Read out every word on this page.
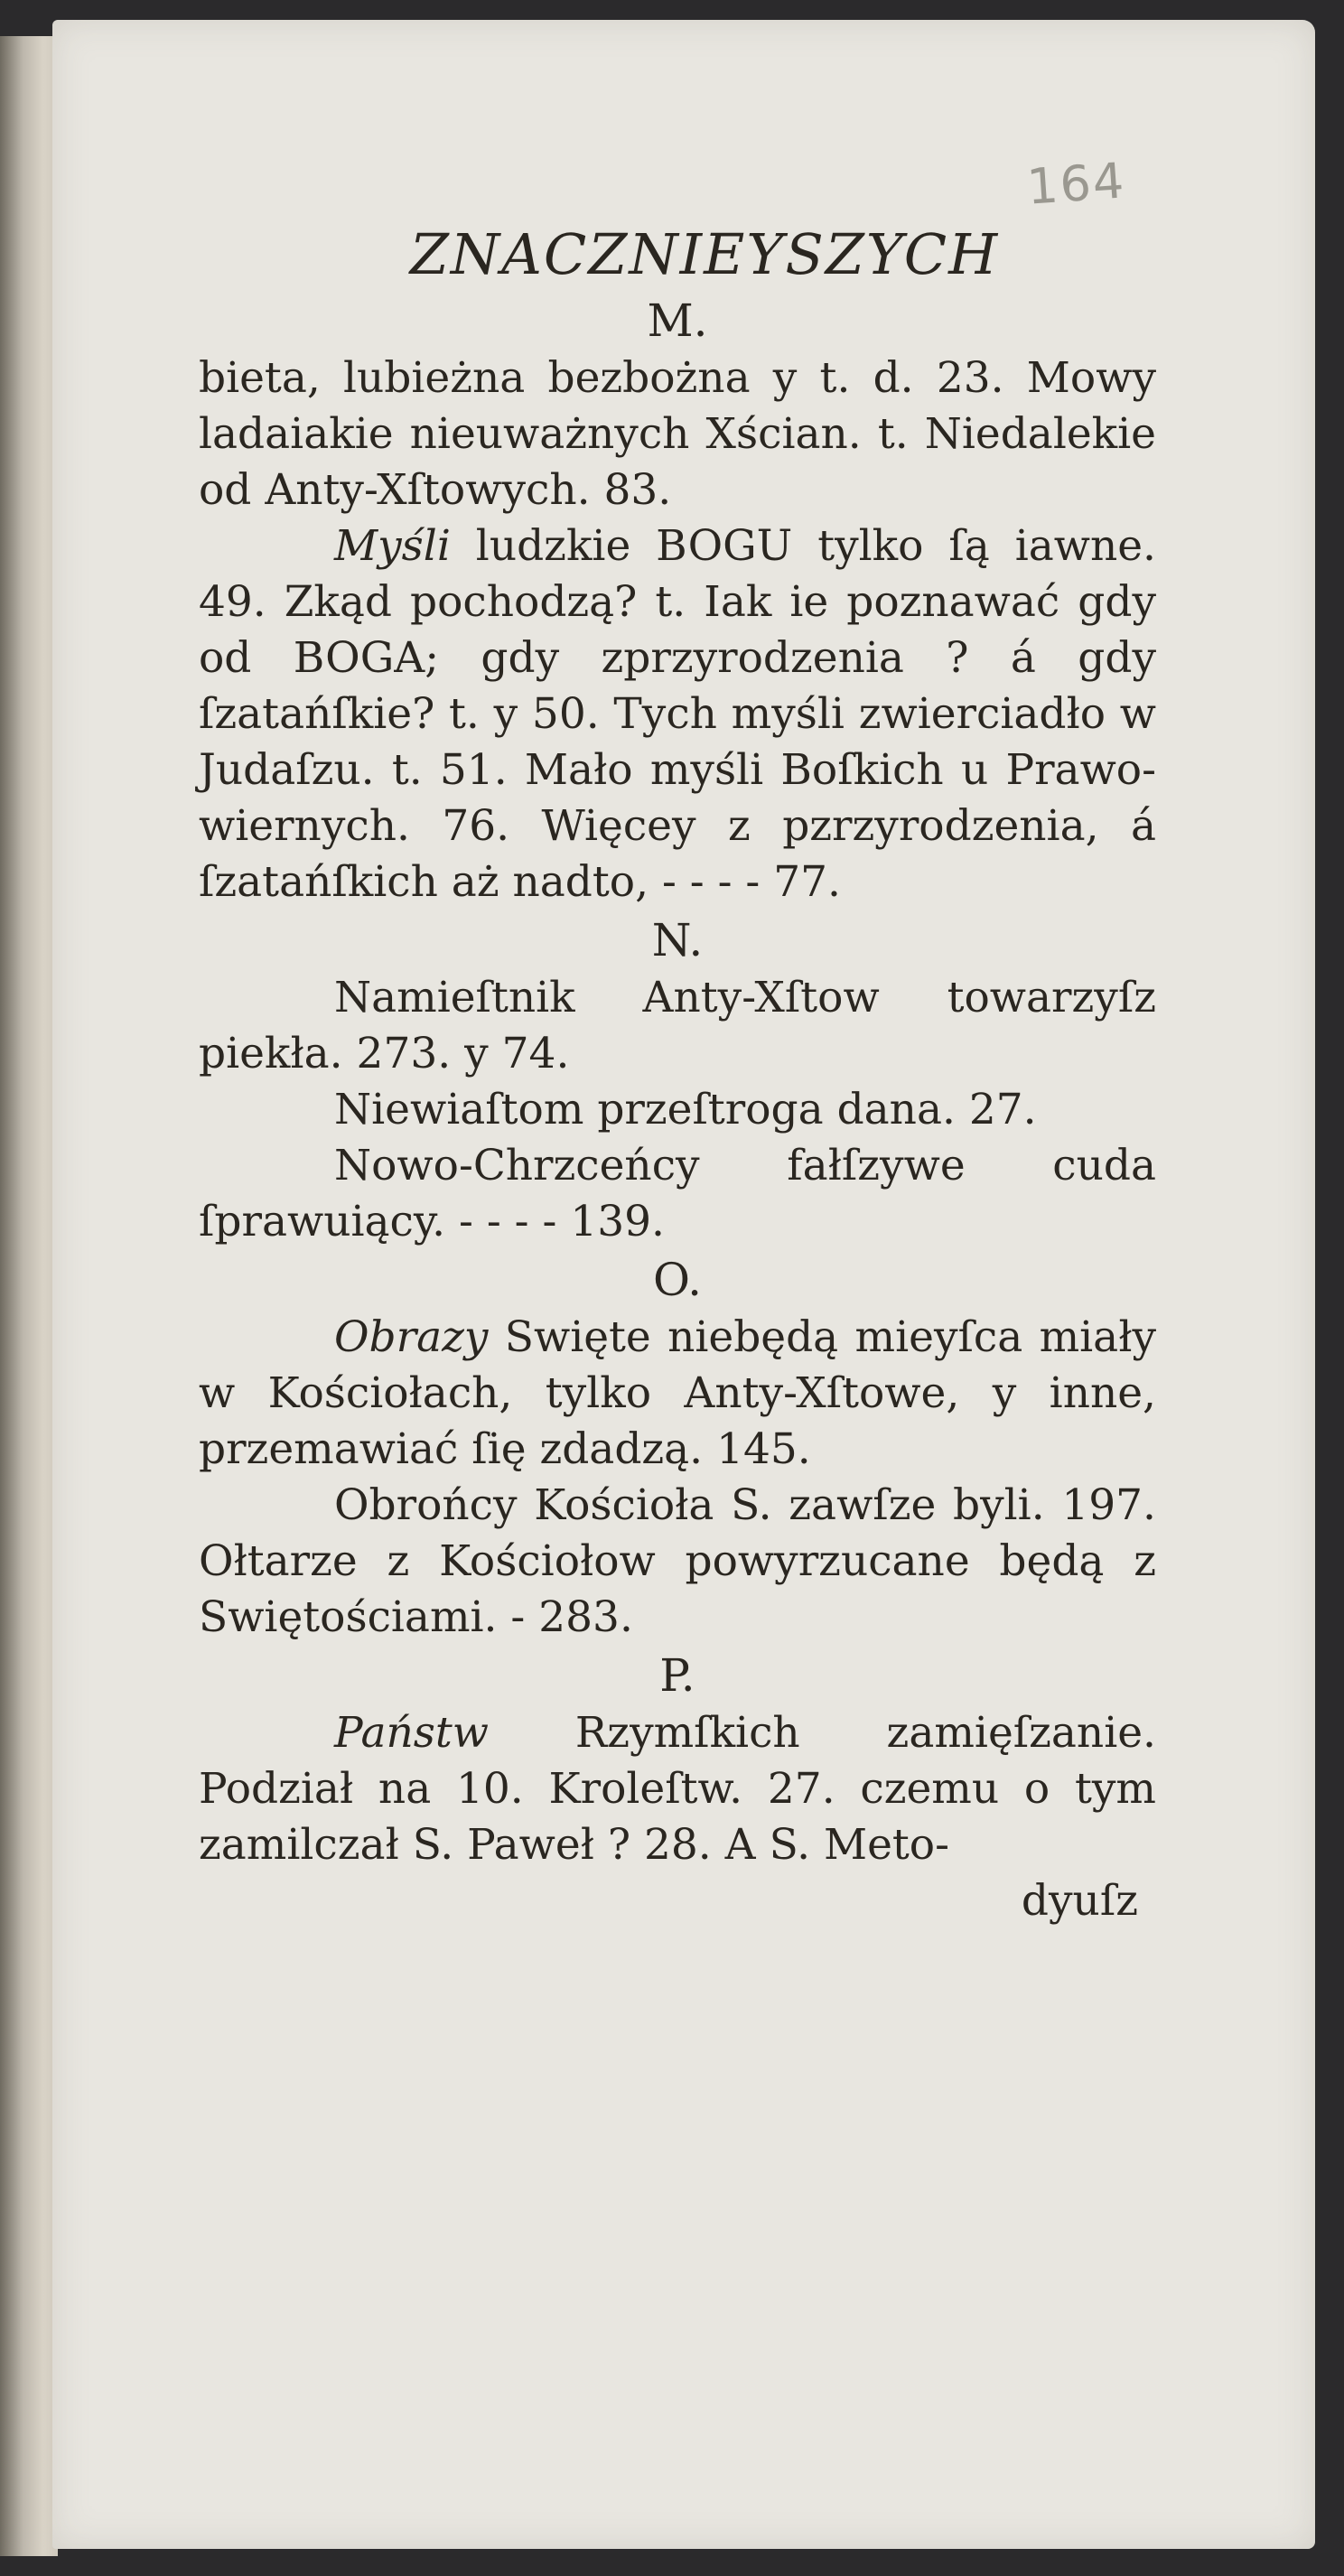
164

ZNACZNIEYSZYCH

M.

bieta, lubieżna bezbożna y t. d. 23. Mowy ladaiakie nieuważnych Xścian. t. Niedalekie od Anty-Xſtowych. 83.

Myśli ludzkie BOGU tylko ſą iawne. 49. Zkąd pochodzą? t. Iak ie poznawać gdy od BOGA; gdy zprzyrodzenia ? á gdy ſzatańſkie? t. y 50. Tych myśli zwierciadło w Judaſzu. t. 51. Mało myśli Boſkich u Prawo-wiernych. 76. Więcey z pzrzyrodzenia, á ſzatańſkich aż nadto, - - - - 77.

N.

Namieſtnik Anty-Xſtow towarzyſz piekła. 273. y 74.

Niewiaſtom przeſtroga dana. 27.

Nowo-Chrzceńcy fałſzywe cuda ſprawuiący. - - - - 139.

O.

Obrazy Swięte niebędą mieyſca miały w Kościołach, tylko Anty-Xſtowe, y inne, przemawiać ſię zdadzą. 145.

Obrońcy Kościoła S. zawſze byli. 197. Ołtarze z Kościołow powyrzucane będą z Swiętościami. - 283.

P.

Państw Rzymſkich zamięſzanie. Podział na 10. Kroleſtw. 27. czemu o tym zamilczał S. Paweł ? 28. A S. Meto-

dyuſz
